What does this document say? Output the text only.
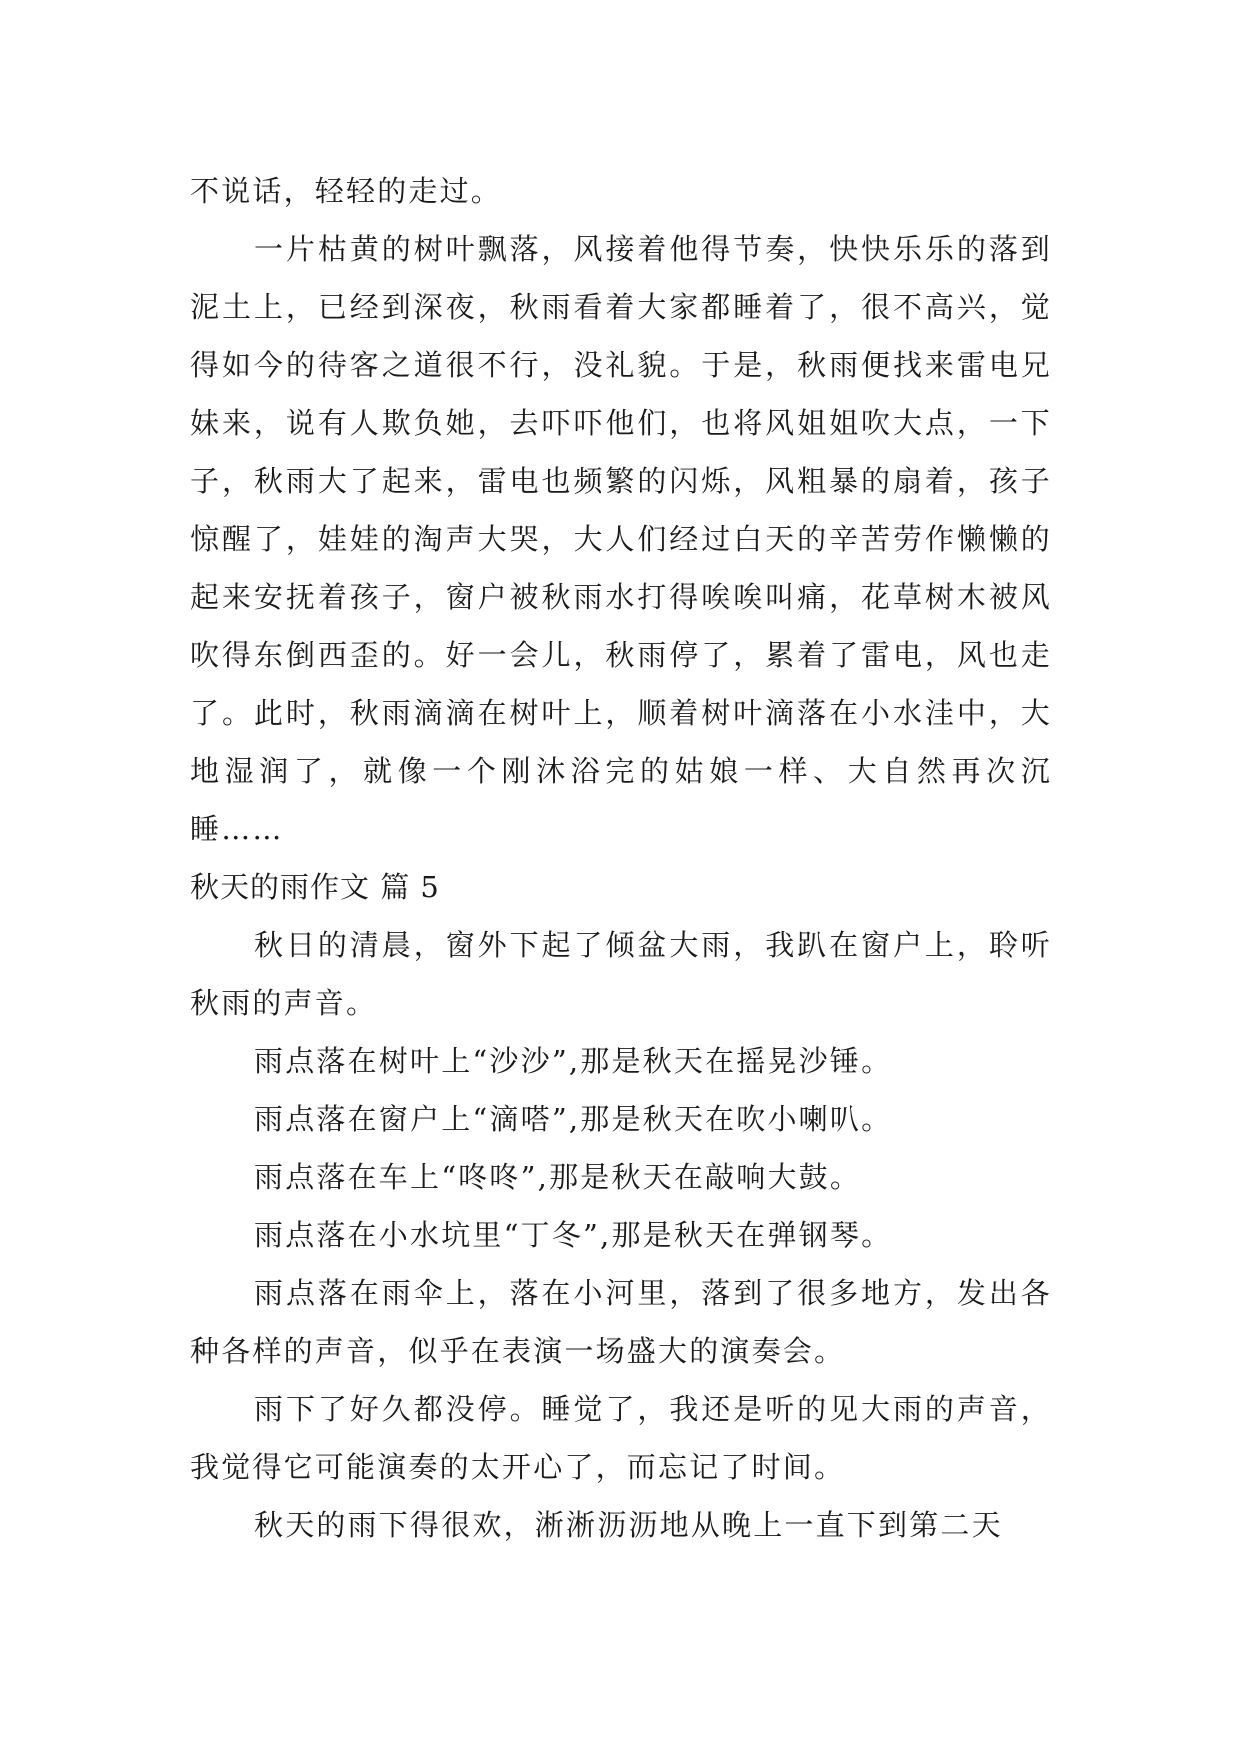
不说话，轻轻的走过。

一片枯黄的树叶飘落，风接着他得节奏，快快乐乐的落到泥土上，已经到深夜，秋雨看着大家都睡着了，很不高兴，觉得如今的待客之道很不行，没礼貌。于是，秋雨便找来雷电兄妹来，说有人欺负她，去吓吓他们，也将风姐姐吹大点，一下子，秋雨大了起来，雷电也频繁的闪烁，风粗暴的扇着，孩子惊醒了，娃娃的淘声大哭，大人们经过白天的辛苦劳作懒懒的起来安抚着孩子，窗户被秋雨水打得唉唉叫痛，花草树木被风吹得东倒西歪的。好一会儿，秋雨停了，累着了雷电，风也走了。此时，秋雨滴滴在树叶上，顺着树叶滴落在小水洼中，大地湿润了，就像一个刚沐浴完的姑娘一样、大自然再次沉睡……

秋天的雨作文 篇 5

秋日的清晨，窗外下起了倾盆大雨，我趴在窗户上，聆听秋雨的声音。

雨点落在树叶上“沙沙”,那是秋天在摇晃沙锤。

雨点落在窗户上“滴嗒”,那是秋天在吹小喇叭。

雨点落在车上“咚咚”,那是秋天在敲响大鼓。

雨点落在小水坑里“丁冬”,那是秋天在弹钢琴。

雨点落在雨伞上，落在小河里，落到了很多地方，发出各种各样的声音，似乎在表演一场盛大的演奏会。

雨下了好久都没停。睡觉了，我还是听的见大雨的声音，我觉得它可能演奏的太开心了，而忘记了时间。

秋天的雨下得很欢，淅淅沥沥地从晚上一直下到第二天
